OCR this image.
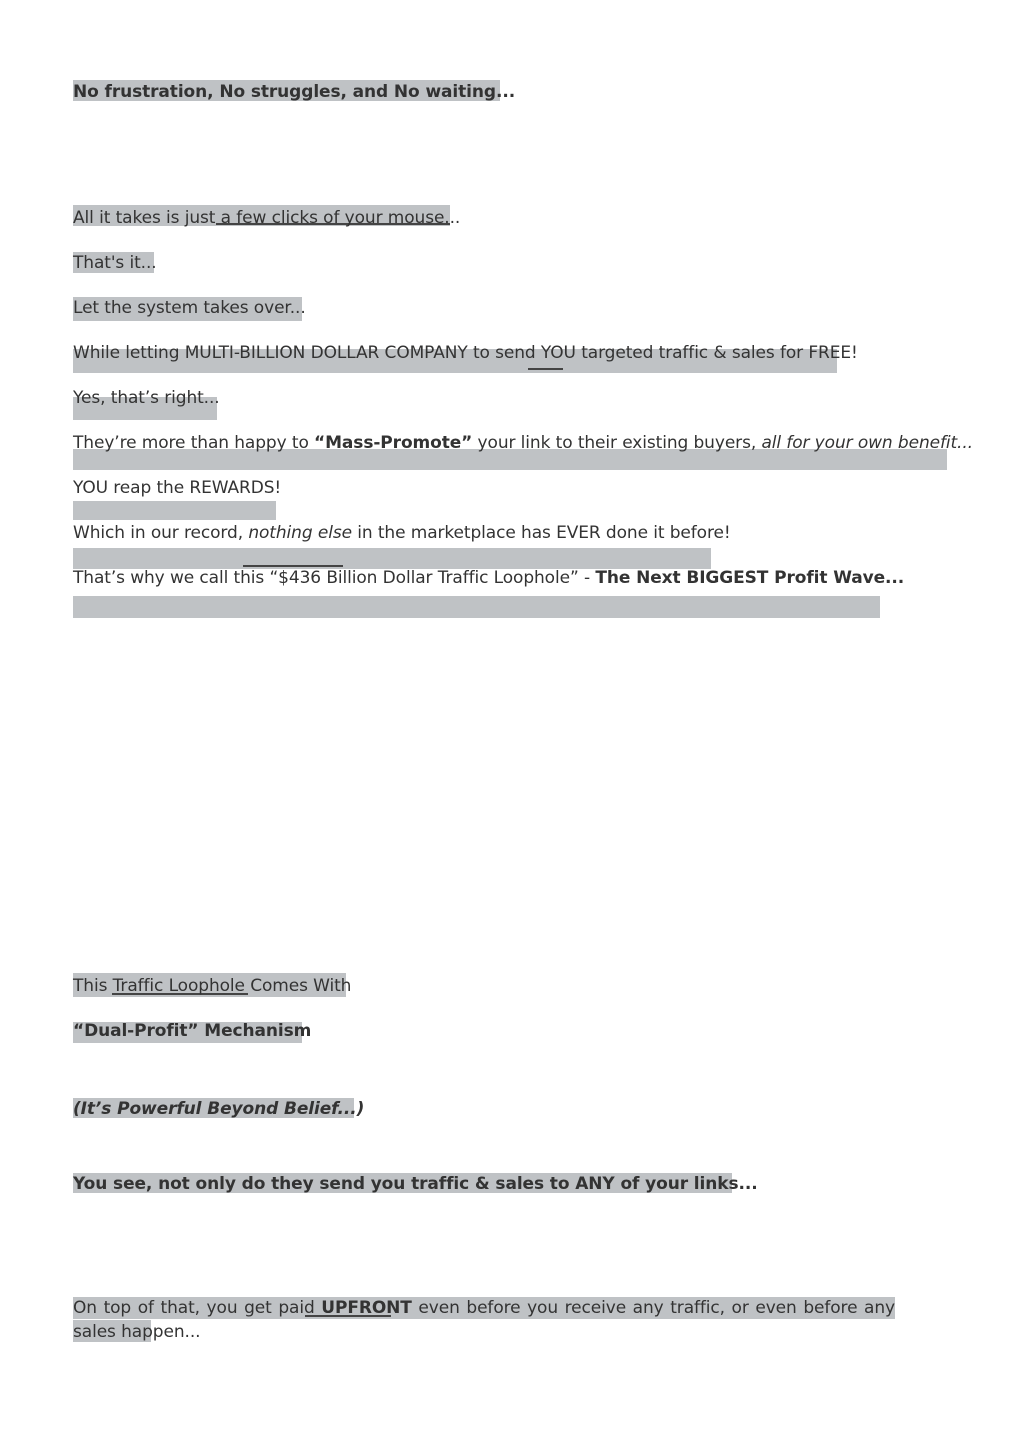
No frustration, No struggles, and No waiting...

All it takes is just a few clicks of your mouse...

That's it...

Let the system takes over...

While letting MULTI-BILLION DOLLAR COMPANY to send YOU targeted traffic & sales for FREE!

Yes, that’s right...

They’re more than happy to “Mass-Promote” your link to their existing buyers, all for your own benefit...

YOU reap the REWARDS!

Which in our record, nothing else in the marketplace has EVER done it before!

That’s why we call this “$436 Billion Dollar Traffic Loophole” - The Next BIGGEST Profit Wave...

This Traffic Loophole Comes With

“Dual-Profit” Mechanism

(It’s Powerful Beyond Belief...)

You see, not only do they send you traffic & sales to ANY of your links...

On top of that, you get paid UPFRONT even before you receive any traffic, or even before any sales happen...
